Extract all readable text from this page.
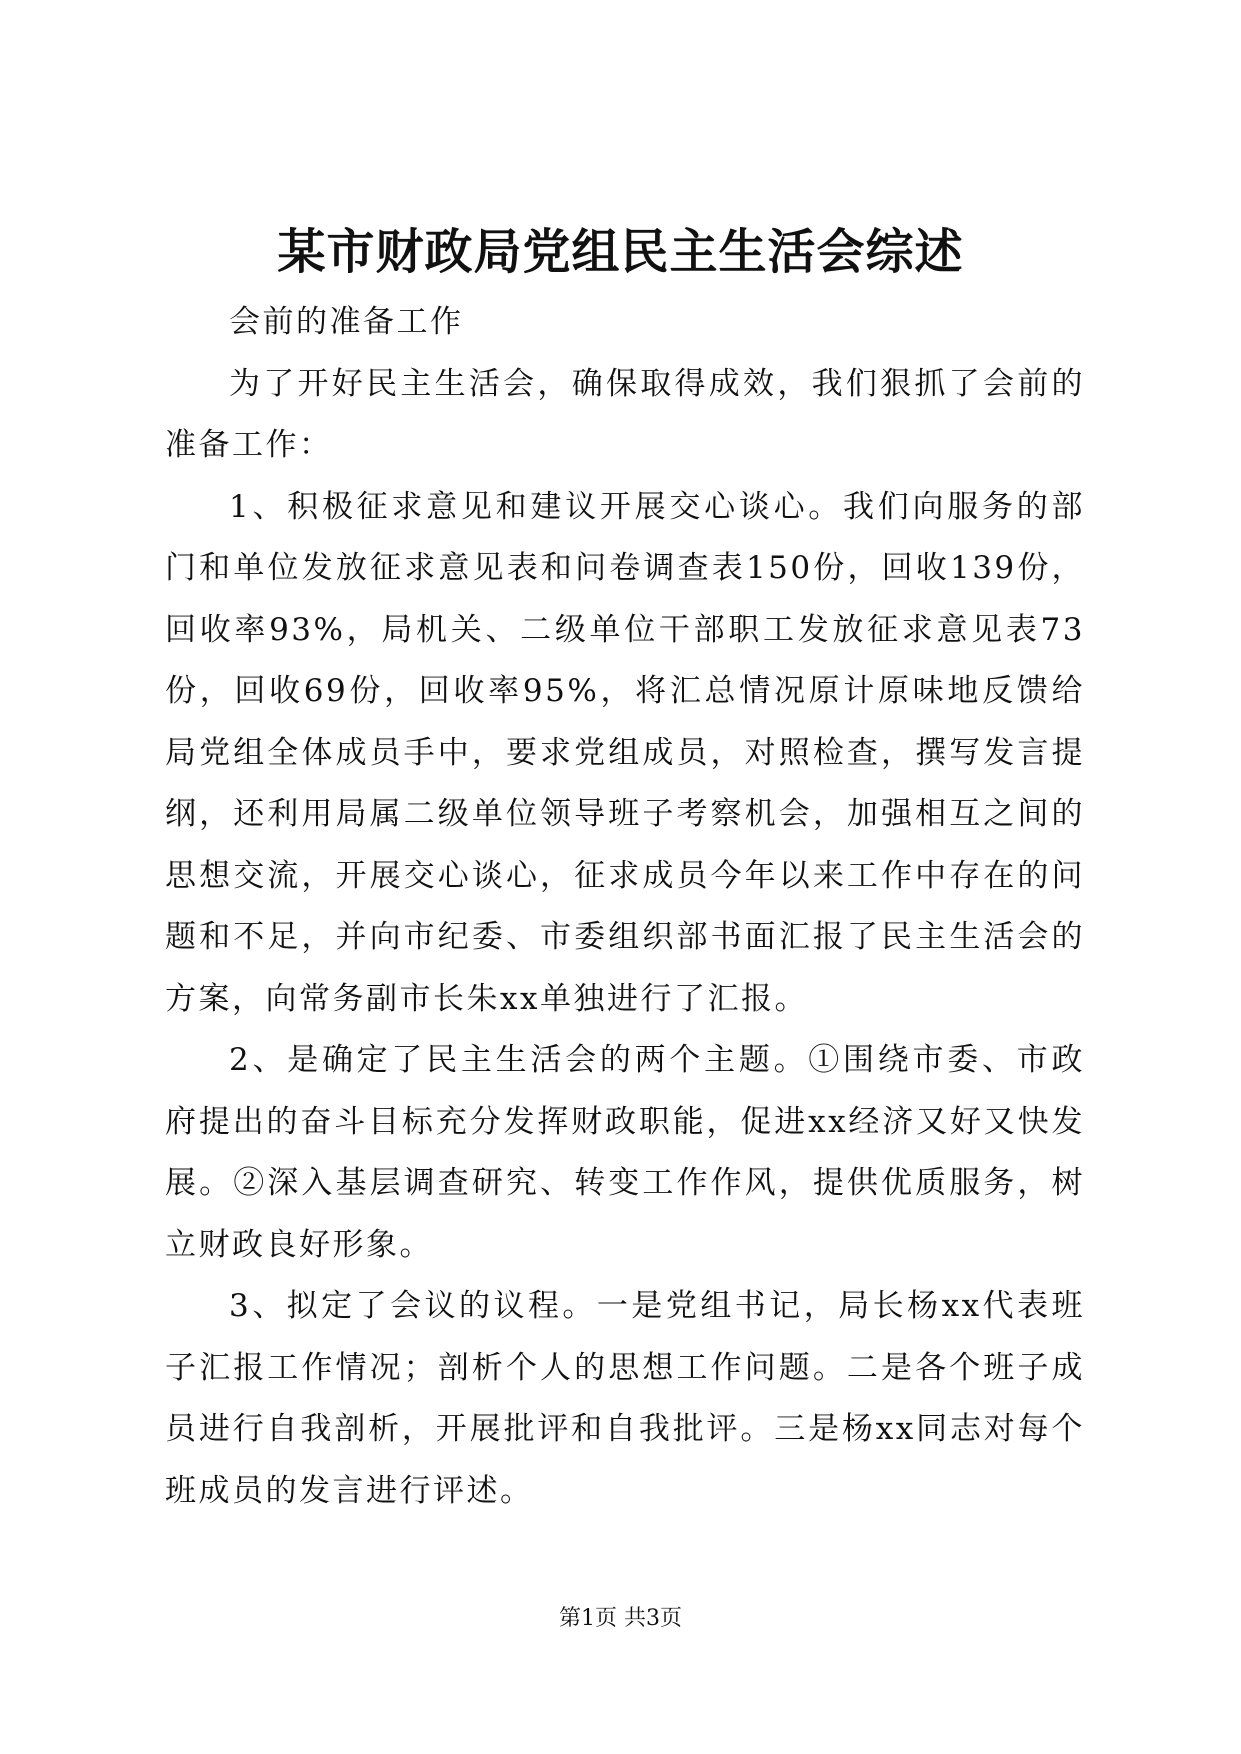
某市财政局党组民主生活会综述

会前的准备工作

为了开好民主生活会，确保取得成效，我们狠抓了会前的准备工作：

1、积极征求意见和建议开展交心谈心。我们向服务的部门和单位发放征求意见表和问卷调查表150份，回收139份，回收率93%，局机关、二级单位干部职工发放征求意见表73份，回收69份，回收率95%，将汇总情况原计原味地反馈给局党组全体成员手中，要求党组成员，对照检查，撰写发言提纲，还利用局属二级单位领导班子考察机会，加强相互之间的思想交流，开展交心谈心，征求成员今年以来工作中存在的问题和不足，并向市纪委、市委组织部书面汇报了民主生活会的方案，向常务副市长朱xx单独进行了汇报。

2、是确定了民主生活会的两个主题。①围绕市委、市政府提出的奋斗目标充分发挥财政职能，促进xx经济又好又快发展。②深入基层调查研究、转变工作作风，提供优质服务，树立财政良好形象。

3、拟定了会议的议程。一是党组书记，局长杨xx代表班子汇报工作情况；剖析个人的思想工作问题。二是各个班子成员进行自我剖析，开展批评和自我批评。三是杨xx同志对每个班成员的发言进行评述。

第1页 共3页
